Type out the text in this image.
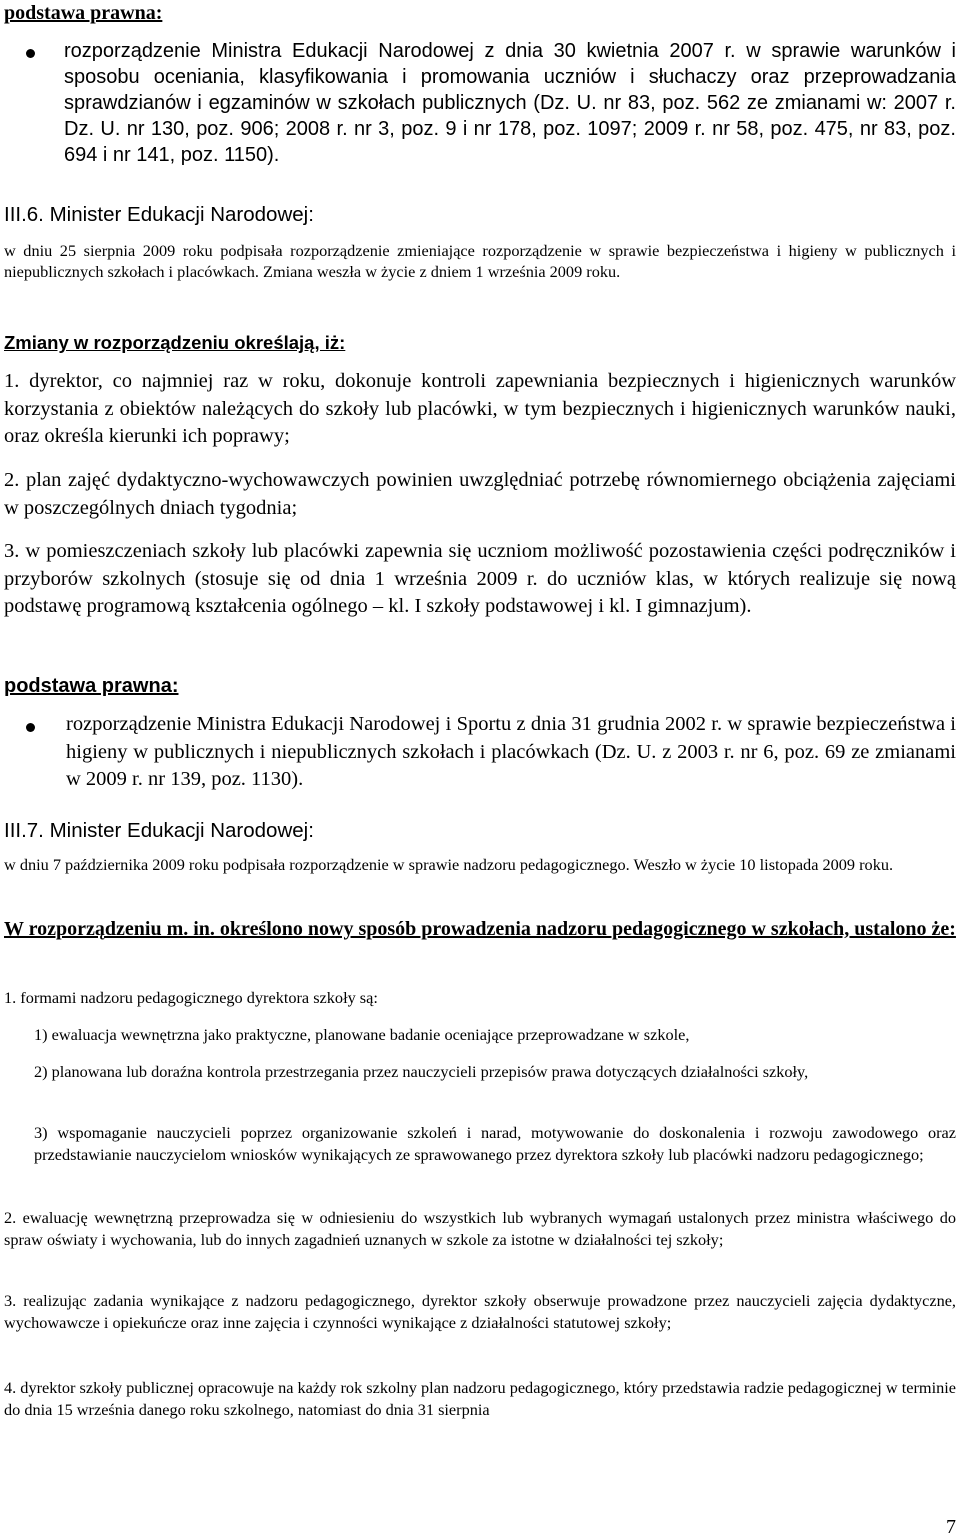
podstawa prawna:

rozporządzenie Ministra Edukacji Narodowej z dnia 30 kwietnia 2007 r. w sprawie warunków i sposobu oceniania, klasyfikowania i promowania uczniów i słuchaczy oraz przeprowadzania sprawdzianów i egzaminów w szkołach publicznych (Dz. U. nr 83, poz. 562 ze zmianami w: 2007 r. Dz. U. nr 130, poz. 906; 2008 r. nr 3, poz. 9 i nr 178, poz. 1097; 2009 r. nr 58, poz. 475, nr 83, poz. 694 i nr 141, poz. 1150).

III.6. Minister Edukacji Narodowej:

w dniu 25 sierpnia 2009 roku podpisała rozporządzenie zmieniające rozporządzenie w sprawie bezpieczeństwa i higieny w publicznych i niepublicznych szkołach i placówkach. Zmiana weszła w życie z dniem 1 września 2009 roku.

Zmiany w rozporządzeniu określają, iż:

1. dyrektor, co najmniej raz w roku, dokonuje kontroli zapewniania bezpiecznych i higienicznych warunków korzystania z obiektów należących do szkoły lub placówki, w tym bezpiecznych i higienicznych warunków nauki, oraz określa kierunki ich poprawy;

2. plan zajęć dydaktyczno-wychowawczych powinien uwzględniać potrzebę równomiernego obciążenia zajęciami w poszczególnych dniach tygodnia;

3. w pomieszczeniach szkoły lub placówki zapewnia się uczniom możliwość pozostawienia części podręczników i przyborów szkolnych (stosuje się od dnia 1 września 2009 r. do uczniów klas, w których realizuje się nową podstawę programową kształcenia ogólnego – kl. I szkoły podstawowej i kl. I gimnazjum).

podstawa prawna:

rozporządzenie Ministra Edukacji Narodowej i Sportu z dnia 31 grudnia 2002 r. w sprawie bezpieczeństwa i higieny w publicznych i niepublicznych szkołach i placówkach (Dz. U. z 2003 r. nr 6, poz. 69 ze zmianami w 2009 r. nr 139, poz. 1130).

III.7. Minister Edukacji Narodowej:

w dniu 7 października 2009 roku podpisała rozporządzenie w sprawie nadzoru pedagogicznego. Weszło w życie 10 listopada 2009 roku.

W rozporządzeniu m. in. określono nowy sposób prowadzenia nadzoru pedagogicznego w szkołach, ustalono że:

1. formami nadzoru pedagogicznego dyrektora szkoły są:

1) ewaluacja wewnętrzna jako praktyczne, planowane badanie oceniające przeprowadzane w szkole,

2) planowana lub doraźna kontrola przestrzegania przez nauczycieli przepisów prawa dotyczących działalności szkoły,

3) wspomaganie nauczycieli poprzez organizowanie szkoleń i narad, motywowanie do doskonalenia i rozwoju zawodowego oraz przedstawianie nauczycielom wniosków wynikających ze sprawowanego przez dyrektora szkoły lub placówki nadzoru pedagogicznego;

2. ewaluację wewnętrzną przeprowadza się w odniesieniu do wszystkich lub wybranych wymagań ustalonych przez ministra właściwego do spraw oświaty i wychowania, lub do innych zagadnień uznanych w szkole za istotne w działalności tej szkoły;

3. realizując zadania wynikające z nadzoru pedagogicznego, dyrektor szkoły obserwuje prowadzone przez nauczycieli zajęcia dydaktyczne, wychowawcze i opiekuńcze oraz inne zajęcia i czynności wynikające z działalności statutowej szkoły;

4. dyrektor szkoły publicznej opracowuje na każdy rok szkolny plan nadzoru pedagogicznego, który przedstawia radzie pedagogicznej w terminie do dnia 15 września danego roku szkolnego, natomiast do dnia 31 sierpnia

7
